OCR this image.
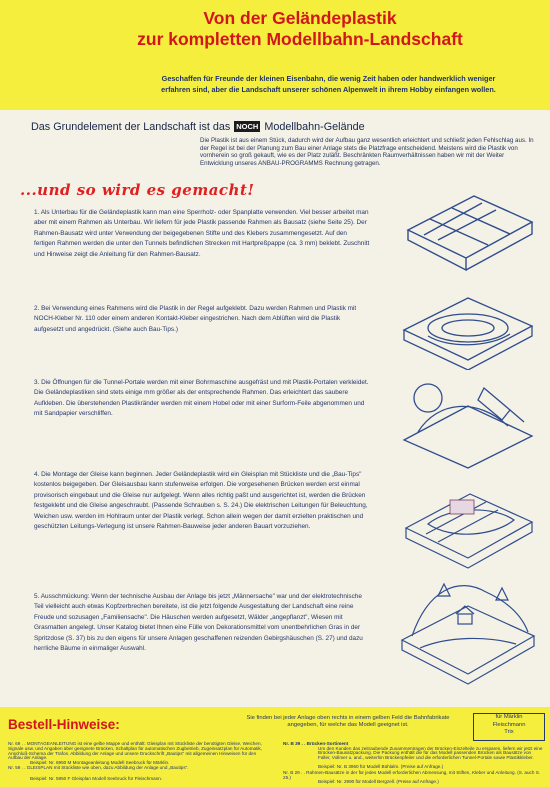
Von der Geländeplastik
zur kompletten Modellbahn-Landschaft
Geschaffen für Freunde der kleinen Eisenbahn, die wenig Zeit haben oder handwerklich weniger
erfahren sind, aber die Landschaft unserer schönen Alpenwelt in ihrem Hobby einfangen wollen.
Das Grundelement der Landschaft ist das NOCH Modellbahn-Gelände
Die Plastik ist aus einem Stück, dadurch wird der Aufbau ganz wesentlich erleichtert und schließt jeden Fehlschlag aus. In der Regel ist bei der Planung zum Bau einer Anlage stets die Platzfrage entscheidend. Meistens wird die Plastik von vornherein so groß gekauft, wie es der Platz zuläßt. Beschränkten Raumverhältnissen haben wir mit der Weiter Entwicklung unseres ANBAU-PROGRAMMS Rechnung getragen.
...und so wird es gemacht!
1. Als Unterbau für die Geländeplastik kann man eine Sperrholz- oder Spanplatte verwenden. Viel besser arbeitet man aber mit einem Rahmen als Unterbau. Wir liefern für jede Plastik passende Rahmen als Bausatz (siehe Seite 25). Der Rahmen-Bausatz wird unter Verwendung der beigegebenen Stifte und des Klebers zusammengesetzt. Auf den fertigen Rahmen werden die unter den Tunnels befindlichen Strecken mit Hartpreßpappe (ca. 3 mm) beklebt. Zuschnitt und Hinweise zeigt die Anleitung für den Rahmen-Bausatz.
2. Bei Verwendung eines Rahmens wird die Plastik in der Regel aufgeklebt. Dazu werden Rahmen und Plastik mit NOCH-Kleber Nr. 110 oder einem anderen Kontakt-Kleber eingestrichen. Nach dem Ablüften wird die Plastik aufgesetzt und angedrückt. (Siehe auch Bau-Tips.)
3. Die Öffnungen für die Tunnel-Portale werden mit einer Bohrmaschine ausgefräst und mit Plastik-Portalen verkleidet. Die Geländeplastiken sind stets einige mm größer als der entsprechende Rahmen. Das erleichtert das saubere Aufkleben. Die überstehenden Plastikränder werden mit einem Hobel oder mit einer Surform-Feile abgenommen und mit Sandpapier verschliffen.
4. Die Montage der Gleise kann beginnen. Jeder Geländeplastik wird ein Gleisplan mit Stückliste und die „Bau-Tips" kostenlos beigegeben. Der Gleisausbau kann stufenweise erfolgen. Die vorgesehenen Brücken werden erst einmal provisorisch eingebaut und die Gleise nur aufgelegt. Wenn alles richtig paßt und ausgerichtet ist, werden die Brücken festgeklebt und die Gleise angeschraubt. (Passende Schrauben s. S. 24.) Die elektrischen Leitungen für Beleuchtung, Weichen usw. werden im Hohlraum unter der Plastik verlegt. Schon allein wegen der damit erzielten praktischen und geschützten Leitungs-Verlegung ist unsere Rahmen-Bauweise jeder anderen Bauart vorzuziehen.
5. Ausschmückung: Wenn der technische Ausbau der Anlage bis jetzt „Männersache" war und der elektrotechnische Teil vielleicht auch etwas Kopfzerbrechen bereitete, ist die jetzt folgende Ausgestaltung der Landschaft eine reine Freude und sozusagen „Familiensache". Die Häuschen werden aufgesetzt, Wälder „angepflanzt", Wiesen mit Grasmatten angelegt. Unser Katalog bietet Ihnen eine Fülle von Dekorationsmittel vom unentbehrlichen Gras in der Spritzdose (S. 37) bis zu den eigens für unsere Anlagen geschaffenen reizenden Gebirgshäuschen (S. 27) und dazu herrliche Bäume in einmaliger Auswahl.
Bestell-Hinweise:	Sie finden bei jeder Anlage oben rechts in einem gelben Feld die Bahnfabrikate angegeben, für welche das Modell geeignet ist.
für Märklin
Fleischmann
Trix
Nr. 69 . . MONTAGEANLEITUNG ist eine gelbe Mappe und enthält: Gleisplan mit Stückliste der benötigten Gleise, Weichen, Signale usw. und Angaben über geeignete Brücken, Schaltplan für automatischen Zugbetrieb, Zugeinsatzplan für Automatik, Anschluß-Schema der Trafos. Abbildung der Anlage und unsere Druckschrift „Bautips" mit allgemeinen Hinweisen für den Aufbau der Anlage.
Beispiel: Nr. 6950 M Montageanleitung Modell Seebruck für Märklin.
Nr. 59 . . GLEISPLAN mit Stückliste wie oben, dazu Abbildung der Anlage und „Bautips".
Beispiel: Nr. 5950 F Gleisplan Modell Seebruck für Fleischmann.
Nr. B 39 . . Brücken-Sortiment
Um den Kunden das zeitraubende Zusammentragen der Brücken-Einzelteile zu ersparen, liefern wir jetzt eine Brücken-Bausatzpackung. Die Packung enthält die für das Modell passenden Brücken als Bausätze von Faller, Vollmer u. and., weiterhin Brückenpfeiler und die erforderlichen Tunnel-Portale sowie Plastikkleber.
Beispiel: Nr. B 3960 für Modell Bühlalm. (Preise auf Anfrage.)
Nr. B 29 . . Rahmen-Bausätze in der für jedes Modell erforderlichen Abmessung, mit Stiften, Kleber und Anleitung. (S. auch S. 25.)
Beispiel: Nr. 2990 für Modell Bergzell. (Preise auf Anfrage.)
